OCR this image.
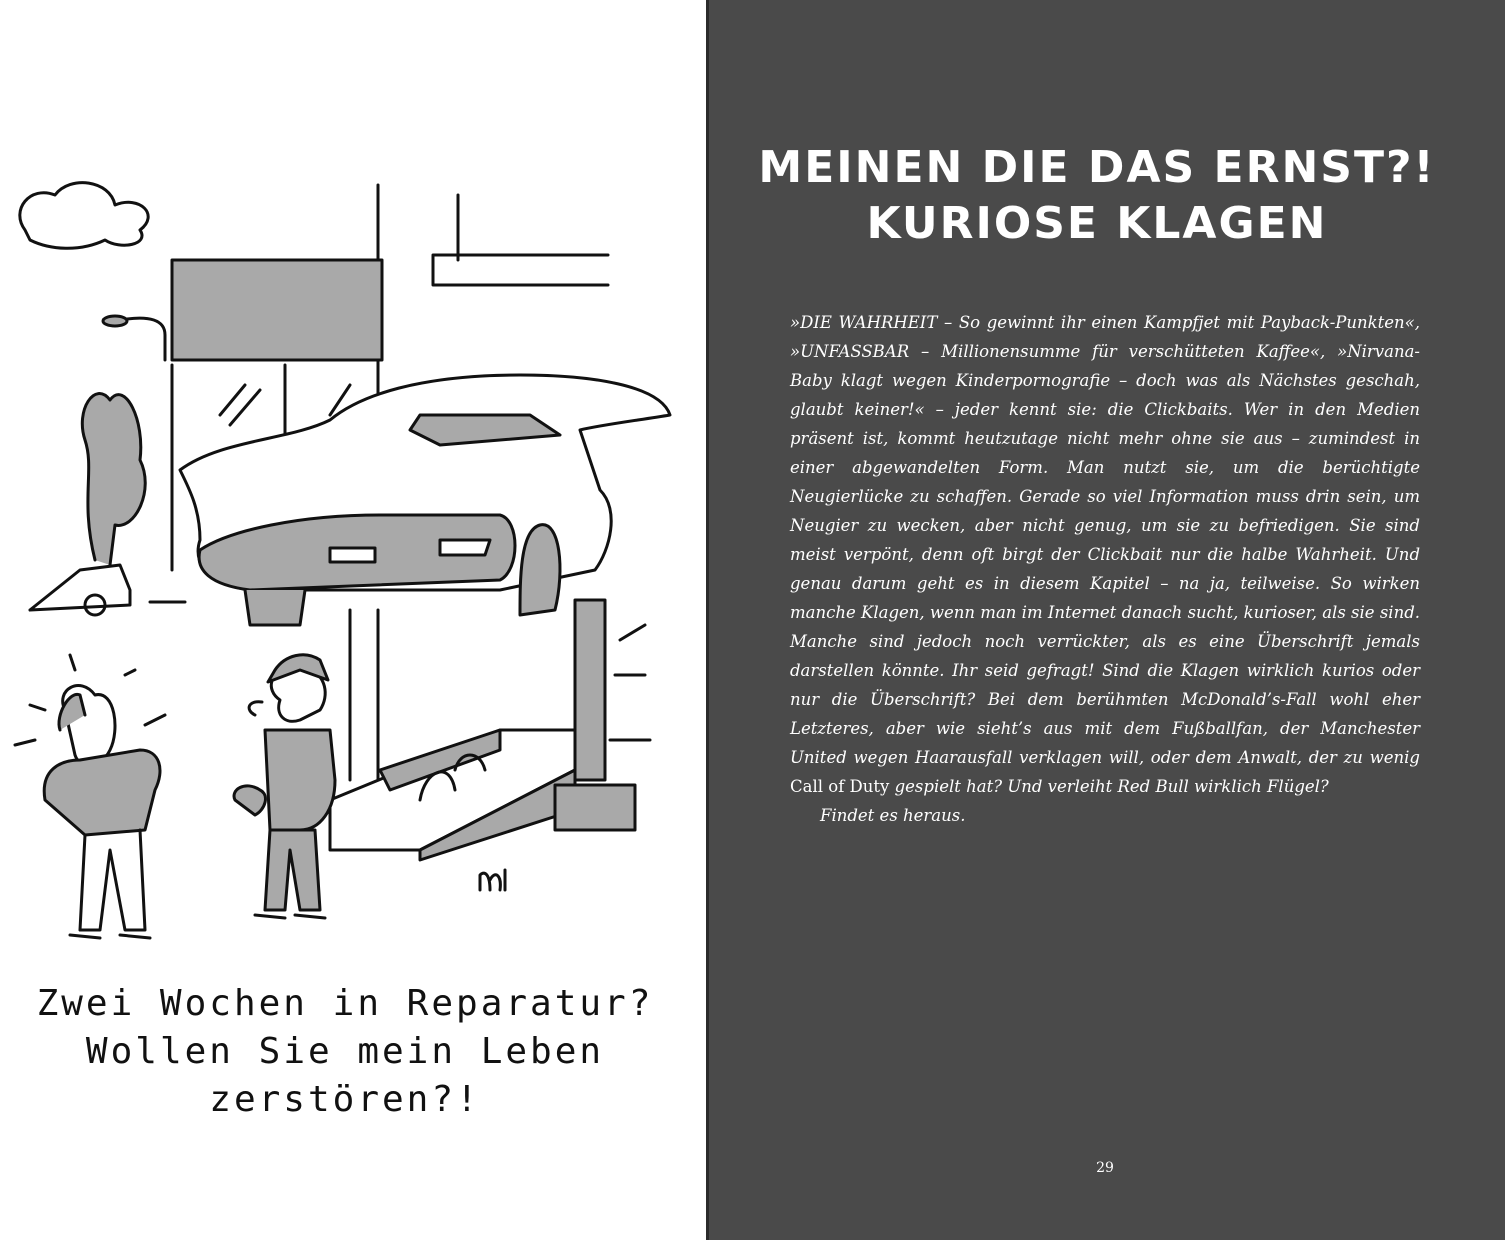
Zwei Wochen in Reparatur?
Wollen Sie mein Leben
zerstören?!
MEINEN DIE DAS ERNST?!
KURIOSE KLAGEN

»DIE WAHRHEIT – So gewinnt ihr einen Kampfjet mit Payback-Punkten«, »UNFASSBAR – Millionensumme für verschütteten Kaffee«, »Nirvana-Baby klagt wegen Kinderpornografie – doch was als Nächstes geschah, glaubt keiner!« – jeder kennt sie: die Clickbaits. Wer in den Medien präsent ist, kommt heutzutage nicht mehr ohne sie aus – zumindest in einer abgewandelten Form. Man nutzt sie, um die berüchtigte Neugierlücke zu schaffen. Gerade so viel Information muss drin sein, um Neugier zu wecken, aber nicht genug, um sie zu befriedigen. Sie sind meist verpönt, denn oft birgt der Clickbait nur die halbe Wahrheit. Und genau darum geht es in diesem Kapitel – na ja, teilweise. So wirken manche Klagen, wenn man im Internet danach sucht, kurioser, als sie sind. Manche sind jedoch noch verrückter, als es eine Überschrift jemals darstellen könnte. Ihr seid gefragt! Sind die Klagen wirklich kurios oder nur die Überschrift? Bei dem berühmten McDonald’s-Fall wohl eher Letzteres, aber wie sieht’s aus mit dem Fußballfan, der Manchester United wegen Haarausfall verklagen will, oder dem Anwalt, der zu wenig Call of Duty gespielt hat? Und verleiht Red Bull wirklich Flügel?

Findet es heraus.

29
